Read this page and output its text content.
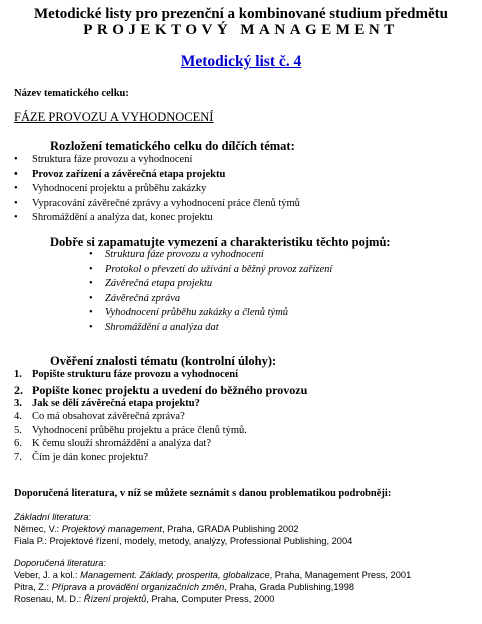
Metodické listy pro prezenční a kombinované studium předmětu
PROJEKTOVÝ MANAGEMENT
Metodický list č. 4
Název tematického celku:
FÁZE PROVOZU A VYHODNOCENÍ
Rozložení tematického celku do dílčích témat:
• Struktura fáze provozu a vyhodnocení
• Provoz zařízení a závěrečná etapa projektu
• Vyhodnocení projektu a průběhu zakázky
• Vypracování závěrečné zprávy a vyhodnocení práce členů týmů
• Shromáždění a analýza dat, konec projektu
Dobře si zapamatujte vymezení a charakteristiku těchto pojmů:
• Struktura fáze provozu a vyhodnocení
• Protokol o převzetí do užívání a běžný provoz zařízení
• Závěrečná etapa projektu
• Závěrečná zpráva
• Vyhodnocení průběhu zakázky a členů týmů
• Shromáždění a analýza dat
Ověření znalosti tématu (kontrolní úlohy):
1. Popište strukturu fáze provozu a vyhodnocení
2. Popište konec projektu a uvedení do běžného provozu
3. Jak se dělí závěrečná etapa projektu?
4. Co má obsahovat závěrečná zpráva?
5. Vyhodnocení průběhu projektu a práce členů týmů.
6. K čemu slouží shromáždění a analýza dat?
7. Čím je dán konec projektu?
Doporučená literatura, v níž se můžete seznámit s danou problematikou podrobněji:
Základní literatura:
Němec, V.: Projektový management, Praha, GRADA Publishing 2002
Fiala P.: Projektové řízení, modely, metody, analýzy, Professional Publishing, 2004
Doporučená literatura:
Veber, J. a kol.: Management. Základy, prosperita, globalizace, Praha, Management Press, 2001
Pitra, Z.: Příprava a provádění organizačních změn, Praha, Grada Publishing,1998
Rosenau, M. D.: Řízení projektů, Praha, Computer Press, 2000
